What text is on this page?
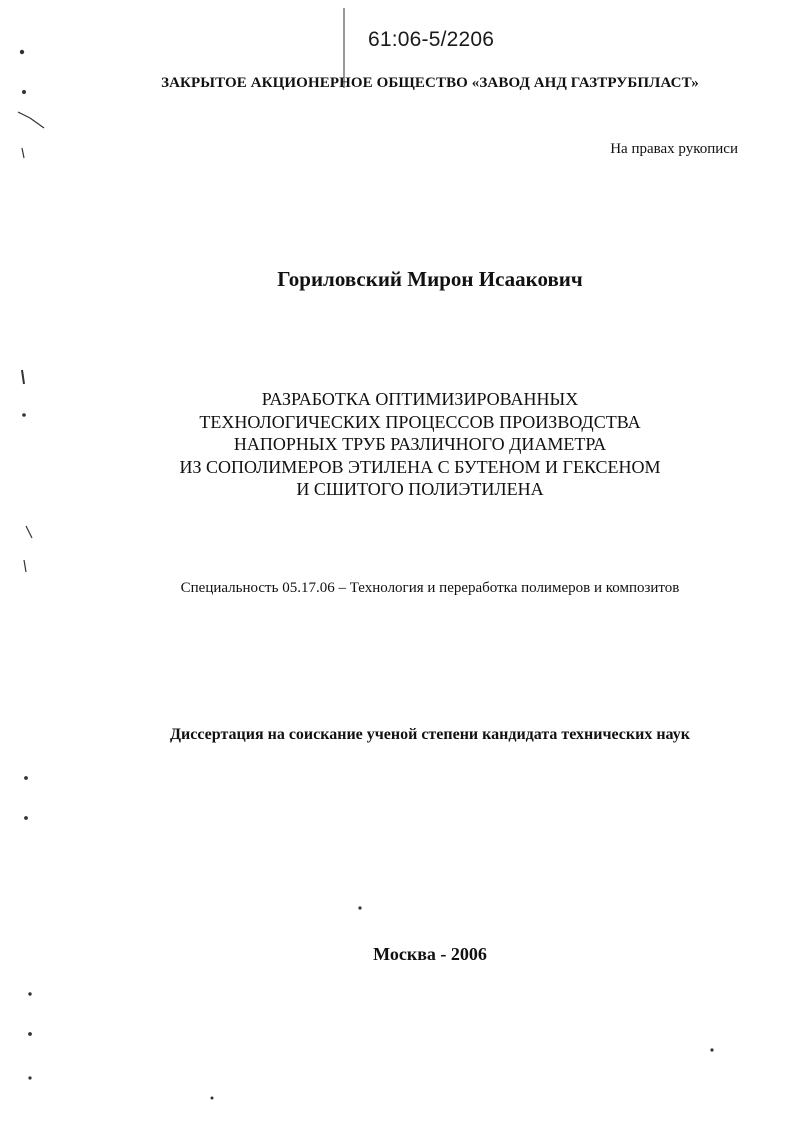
61:06-5/2206

ЗАКРЫТОЕ АКЦИОНЕРНОЕ ОБЩЕСТВО «ЗАВОД АНД ГАЗТРУБПЛАСТ»

На правах рукописи

Гориловский Мирон Исаакович

РАЗРАБОТКА ОПТИМИЗИРОВАННЫХ
ТЕХНОЛОГИЧЕСКИХ ПРОЦЕССОВ ПРОИЗВОДСТВА
НАПОРНЫХ ТРУБ РАЗЛИЧНОГО ДИАМЕТРА
ИЗ СОПОЛИМЕРОВ ЭТИЛЕНА С БУТЕНОМ И ГЕКСЕНОМ
И СШИТОГО ПОЛИЭТИЛЕНА

Специальность 05.17.06 – Технология и переработка полимеров и композитов

Диссертация на соискание ученой степени кандидата технических наук

Москва - 2006
